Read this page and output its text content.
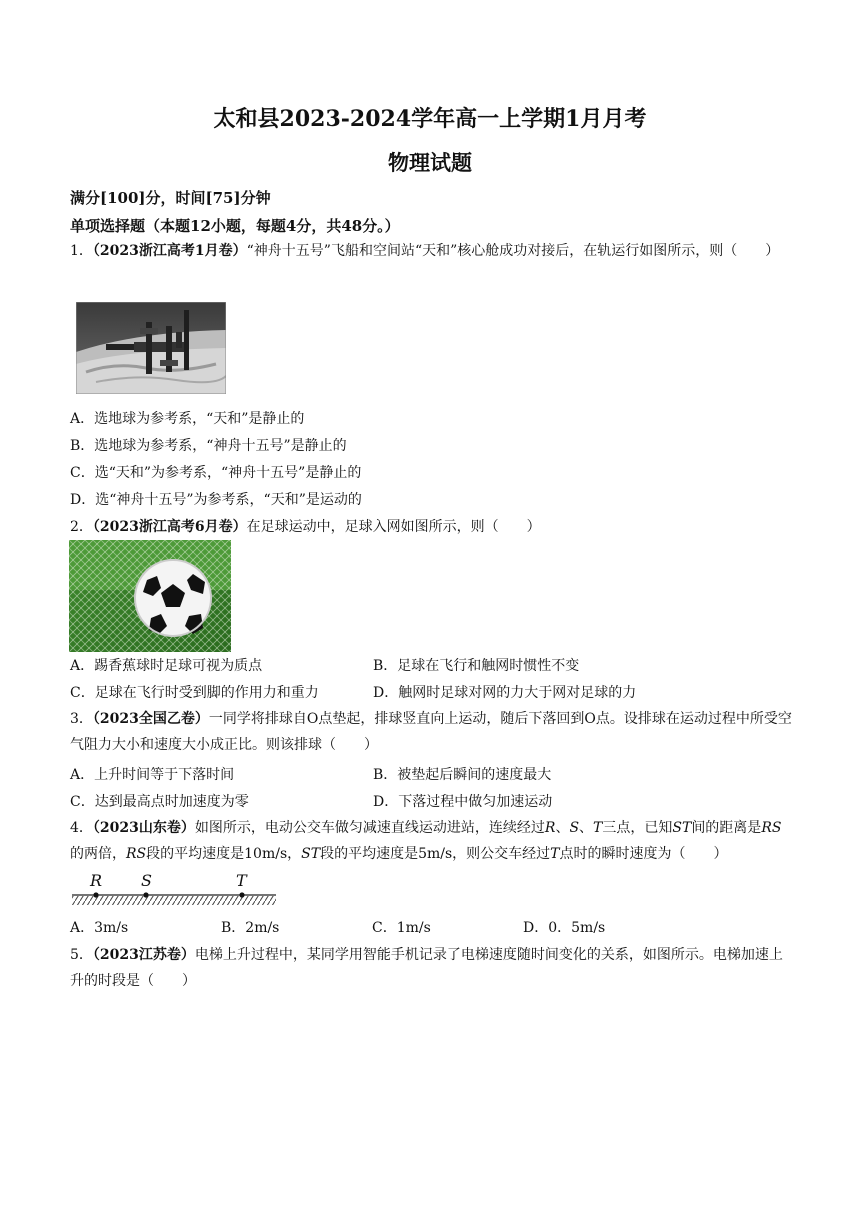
太和县2023-2024学年高一上学期1月月考
物理试题
满分[100]分，时间[75]分钟
单项选择题（本题12小题，每题4分，共48分。）
1．（2023浙江高考1月卷）“神舟十五号”飞船和空间站“天和”核心舱成功对接后，在轨运行如图所示，则（　　）
A．选地球为参考系，“天和”是静止的
B．选地球为参考系，“神舟十五号”是静止的
C．选“天和”为参考系，“神舟十五号”是静止的
D．选“神舟十五号”为参考系，“天和”是运动的
2．（2023浙江高考6月卷）在足球运动中，足球入网如图所示，则（　　）
A．踢香蕉球时足球可视为质点	B．足球在飞行和触网时惯性不变
C．足球在飞行时受到脚的作用力和重力	D．触网时足球对网的力大于网对足球的力
3．（2023全国乙卷）一同学将排球自O点垫起，排球竖直向上运动，随后下落回到O点。设排球在运动过程中所受空气阻力大小和速度大小成正比。则该排球（　　）
A．上升时间等于下落时间	B．被垫起后瞬间的速度最大
C．达到最高点时加速度为零	D．下落过程中做匀加速运动
4．（2023山东卷）如图所示，电动公交车做匀减速直线运动进站，连续经过R、S、T三点，已知ST间的距离是RS的两倍，RS段的平均速度是10m/s，ST段的平均速度是5m/s，则公交车经过T点时的瞬时速度为（　　）
R S	T
A．3m/s	B．2m/s	C．1m/s	D．0．5m/s
5．（2023江苏卷）电梯上升过程中，某同学用智能手机记录了电梯速度随时间变化的关系，如图所示。电梯加速上升的时段是（　　）
